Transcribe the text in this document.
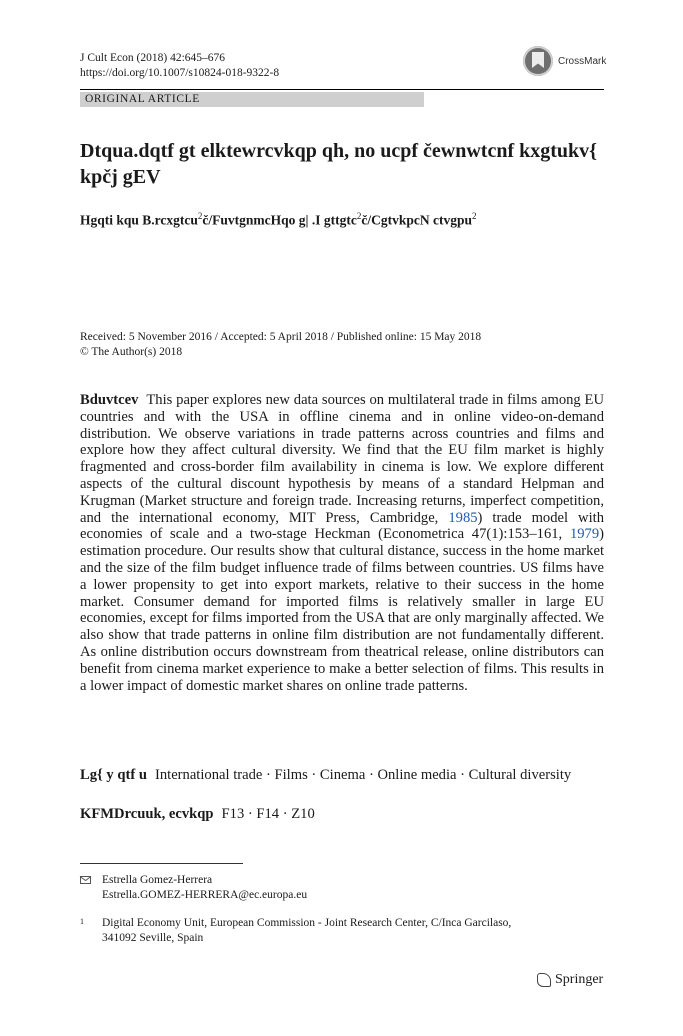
J Cult Econ (2018) 42:645–676
https://doi.org/10.1007/s10824-018-9322-8
CrossMark
ORIGINAL ARTICLE
Dtqua.dqtf gt elktewrcvkqp qh, no ucpf čewnwtcnf kxgtukv{ kpčj gEV
Hgqti kqu B.rcxgtcu$^2$č/FuvtgnmcHqo g| .I gttgtc$^2$č/CgtvkpcN ctvgpu$^2$
Received: 5 November 2016 / Accepted: 5 April 2018 / Published online: 15 May 2018
© The Author(s) 2018
Bduvtcev This paper explores new data sources on multilateral trade in films among EU countries and with the USA in offline cinema and in online video-on-demand distribution. We observe variations in trade patterns across countries and films and explore how they affect cultural diversity. We find that the EU film market is highly fragmented and cross-border film availability in cinema is low. We explore different aspects of the cultural discount hypothesis by means of a standard Helpman and Krugman (Market structure and foreign trade. Increasing returns, imperfect competition, and the international economy, MIT Press, Cambridge, 1985) trade model with economies of scale and a two-stage Heckman (Econometrica 47(1):153–161, 1979) estimation procedure. Our results show that cultural distance, success in the home market and the size of the film budget influence trade of films between countries. US films have a lower propensity to get into export markets, relative to their success in the home market. Consumer demand for imported films is relatively smaller in large EU economies, except for films imported from the USA that are only marginally affected. We also show that trade patterns in online film distribution are not fundamentally different. As online distribution occurs downstream from theatrical release, online distributors can benefit from cinema market experience to make a better selection of films. This results in a lower impact of domestic market shares on online trade patterns.
Lg{ y qtf u International trade · Films · Cinema · Online media · Cultural diversity
KFMDrcuuk, ecvkqp F13 · F14 · Z10
Estrella Gomez-Herrera
Estrella.GOMEZ-HERRERA@ec.europa.eu
1 Digital Economy Unit, European Commission - Joint Research Center, C/Inca Garcilaso,
341092 Seville, Spain
Springer
